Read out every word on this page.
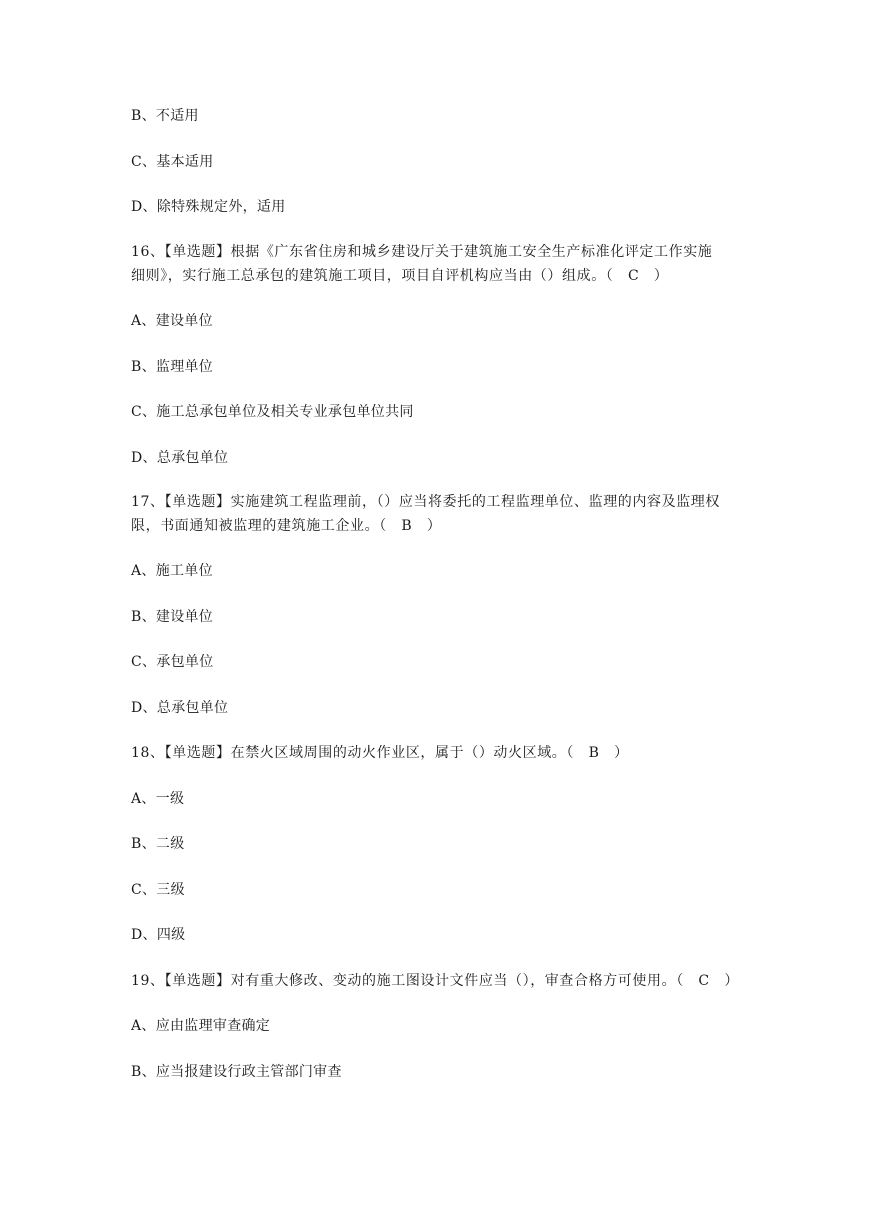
B、不适用
C、基本适用
D、除特殊规定外，适用
16、【单选题】根据《广东省住房和城乡建设厅关于建筑施工安全生产标准化评定工作实施
细则》，实行施工总承包的建筑施工项目，项目自评机构应当由（）组成。（　C　）
A、建设单位
B、监理单位
C、施工总承包单位及相关专业承包单位共同
D、总承包单位
17、【单选题】实施建筑工程监理前，（）应当将委托的工程监理单位、监理的内容及监理权
限，书面通知被监理的建筑施工企业。（　B　）
A、施工单位
B、建设单位
C、承包单位
D、总承包单位
18、【单选题】在禁火区域周围的动火作业区，属于（）动火区域。（　B　）
A、一级
B、二级
C、三级
D、四级
19、【单选题】对有重大修改、变动的施工图设计文件应当（），审查合格方可使用。（　C　）
A、应由监理审查确定
B、应当报建设行政主管部门审查
